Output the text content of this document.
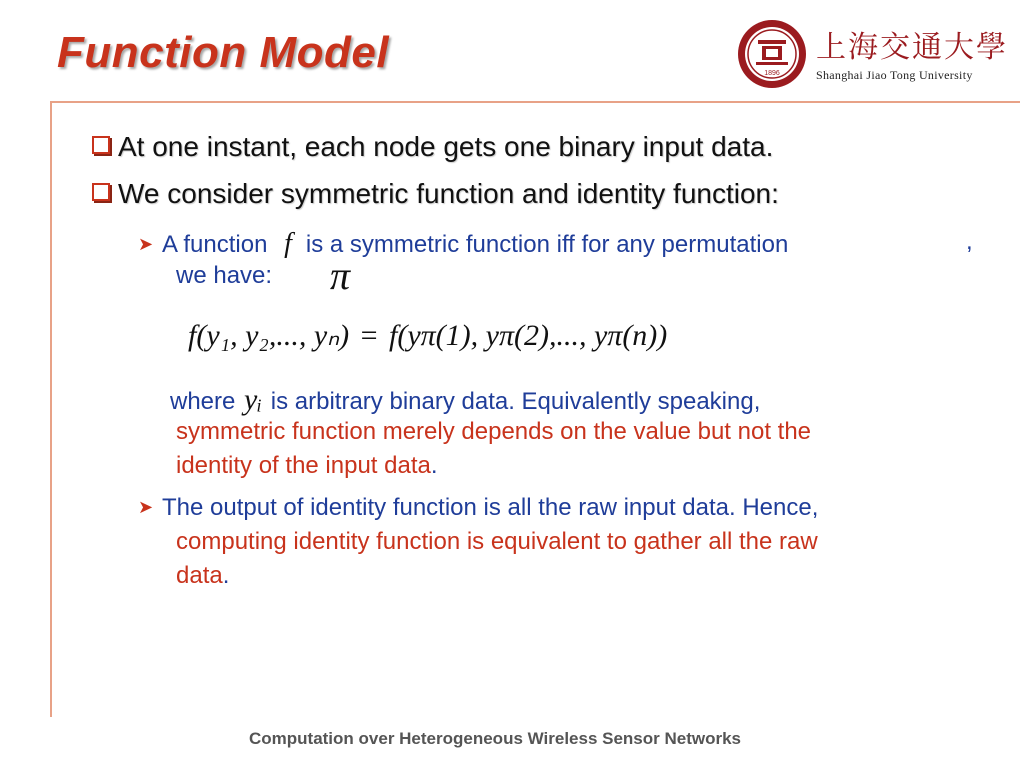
Function Model	1896
上海交通大學
Shanghai Jiao Tong University
At one instant, each node gets one binary input data.
We consider symmetric function and identity function:
➤ A function f is a symmetric function iff for any permutation	,
we have: π
f(y₁, y₂,..., yₙ) = f(yπ(1), yπ(2),..., yπ(n))
where yᵢ is arbitrary binary data. Equivalently speaking,
symmetric function merely depends on the value but not the
identity of the input data.
➤ The output of identity function is all the raw input data. Hence,
computing identity function is equivalent to gather all the raw
data.
Computation over Heterogeneous Wireless Sensor Networks
